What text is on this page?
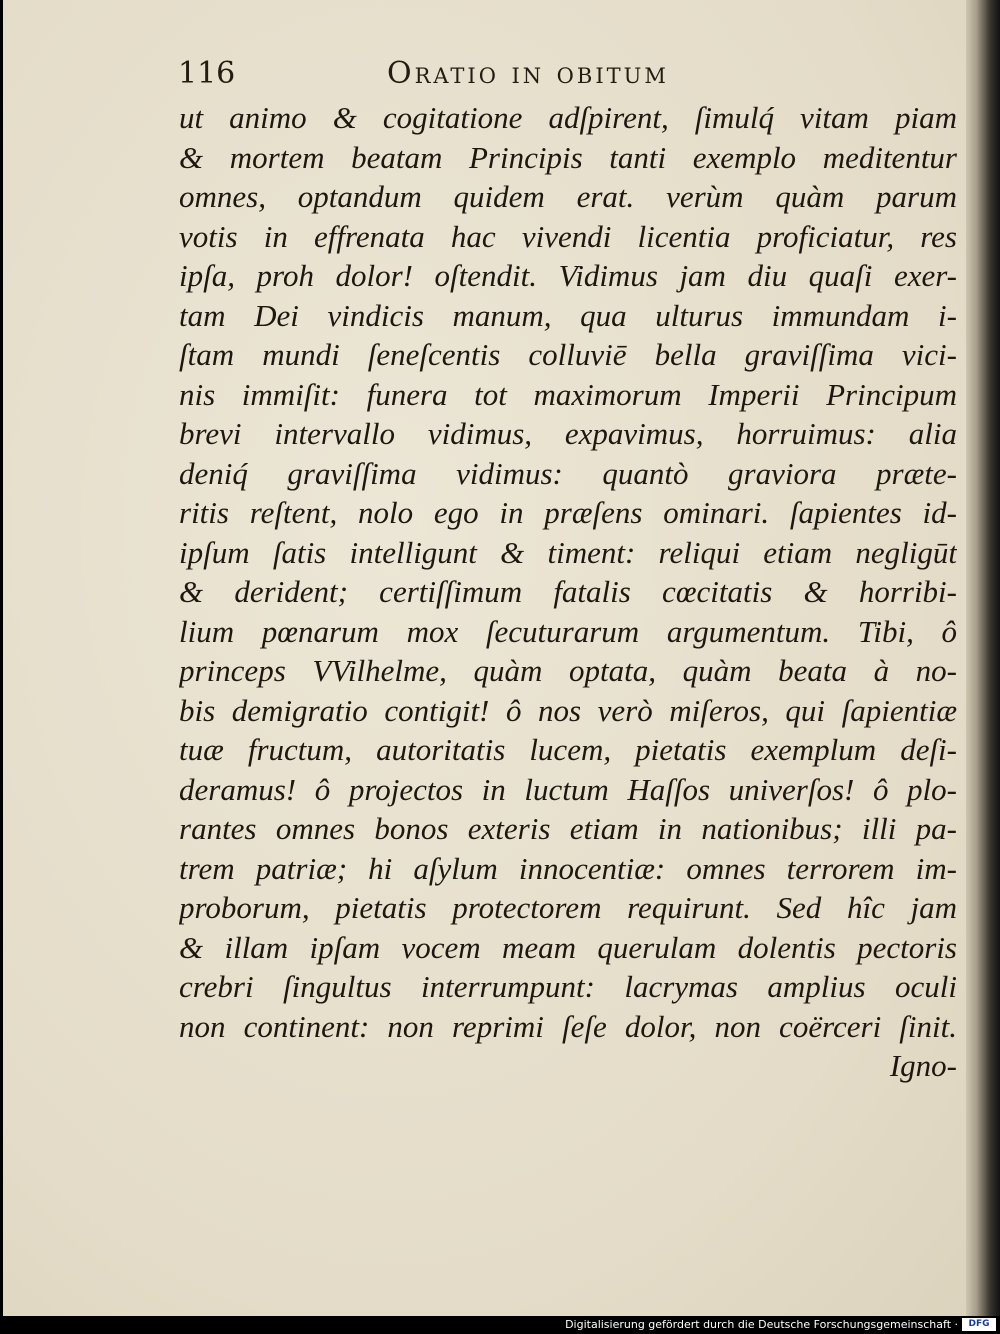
116	Oratio in obitum
ut animo & cogitatione adſpirent, ſimulq́ vitam piam
& mortem beatam Principis tanti exemplo meditentur
omnes, optandum quidem erat. verùm quàm parum
votis in effrenata hac vivendi licentia proficiatur, res
ipſa, proh dolor! oſtendit. Vidimus jam diu quaſi exer-
tam Dei vindicis manum, qua ulturus immundam i-
ſtam mundi ſeneſcentis colluviē bella graviſſima vici-
nis immiſit: funera tot maximorum Imperii Principum
brevi intervallo vidimus, expavimus, horruimus: alia
deniq́ graviſſima vidimus: quantò graviora præte-
ritis reſtent, nolo ego in præſens ominari. ſapientes id-
ipſum ſatis intelligunt & timent: reliqui etiam negligūt
& derident; certiſſimum fatalis cœcitatis & horribi-
lium pœnarum mox ſecuturarum argumentum. Tibi, ô
princeps VVilhelme, quàm optata, quàm beata à no-
bis demigratio contigit! ô nos verò miſeros, qui ſapientiæ
tuæ fructum, autoritatis lucem, pietatis exemplum deſi-
deramus! ô projectos in luctum Haſſos univerſos! ô plo-
rantes omnes bonos exteris etiam in nationibus; illi pa-
trem patriæ; hi aſylum innocentiæ: omnes terrorem im-
proborum, pietatis protectorem requirunt. Sed hîc jam
& illam ipſam vocem meam querulam dolentis pectoris
crebri ſingultus interrumpunt: lacrymas amplius oculi
non continent: non reprimi ſeſe dolor, non coërceri ſinit.
Igno-
Digitalisierung gefördert durch die Deutsche Forschungsgemeinschaft ·	DFG
